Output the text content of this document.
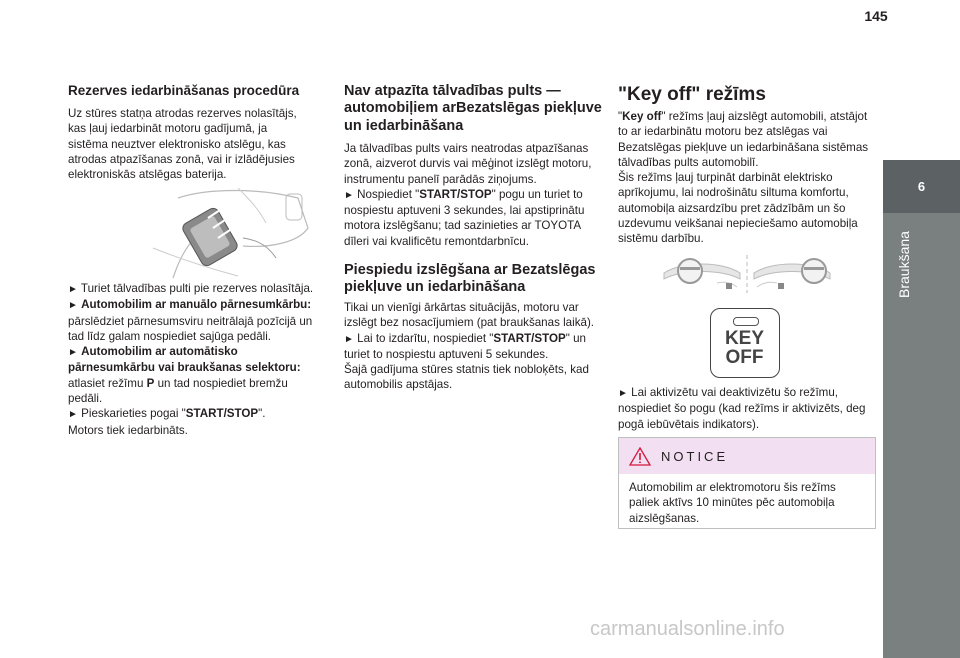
145
6
Braukšana
Rezerves iedarbināšanas procedūra

Uz stūres statņa atrodas rezerves nolasītājs,
kas ļauj iedarbināt motoru gadījumā, ja
sistēma neuztver elektronisko atslēgu, kas
atrodas atpazīšanas zonā, vai ir izlādējusies
elektroniskās atslēgas baterija.

► Turiet tālvadības pulti pie rezerves nolasītāja.
► Automobilim ar manuālo pārnesumkārbu:
pārslēdziet pārnesumsviru neitrālajā pozīcijā un
tad līdz galam nospiediet sajūga pedāli.
► Automobilim ar automātisko
pārnesumkārbu vai braukšanas selektoru:
atlasiet režīmu P un tad nospiediet bremžu
pedāli.
► Pieskarieties pogai "START/STOP".
Motors tiek iedarbināts.
Nav atpazīta tālvadības pults —
automobiļiem arBezatslēgas piekļuve
un iedarbināšana
Ja tālvadības pults vairs neatrodas atpazīšanas
zonā, aizverot durvis vai mēģinot izslēgt motoru,
instrumentu panelī parādās ziņojums.
► Nospiediet "START/STOP" pogu un turiet to
nospiestu aptuveni 3 sekundes, lai apstiprinātu
motora izslēgšanu; tad sazinieties ar TOYOTA
dīleri vai kvalificētu remontdarbnīcu.
Piespiedu izslēgšana ar Bezatslēgas
piekļuve un iedarbināšana
Tikai un vienīgi ārkārtas situācijās, motoru var
izslēgt bez nosacījumiem (pat braukšanas laikā).
► Lai to izdarītu, nospiediet "START/STOP" un
turiet to nospiestu aptuveni 5 sekundes.
Šajā gadījuma stūres statnis tiek nobloķēts, kad
automobilis apstājas.
"Key off" režīms
"Key off" režīms ļauj aizslēgt automobili, atstājot
to ar iedarbinātu motoru bez atslēgas vai
Bezatslēgas piekļuve un iedarbināšana sistēmas
tālvadības pults automobilī.
Šis režīms ļauj turpināt darbināt elektrisko
aprīkojumu, lai nodrošinātu siltuma komfortu,
automobiļa aizsardzību pret zādzībām un šo
uzdevumu veikšanai nepieciešamo automobiļa
sistēmu darbību.
KEY
OFF
► Lai aktivizētu vai deaktivizētu šo režīmu,
nospiediet šo pogu (kad režīms ir aktivizēts, deg
pogā iebūvētais indikators).
NOTICE
Automobilim ar elektromotoru šis režīms
paliek aktīvs 10 minūtes pēc automobiļa
aizslēgšanas.
carmanualsonline.info
